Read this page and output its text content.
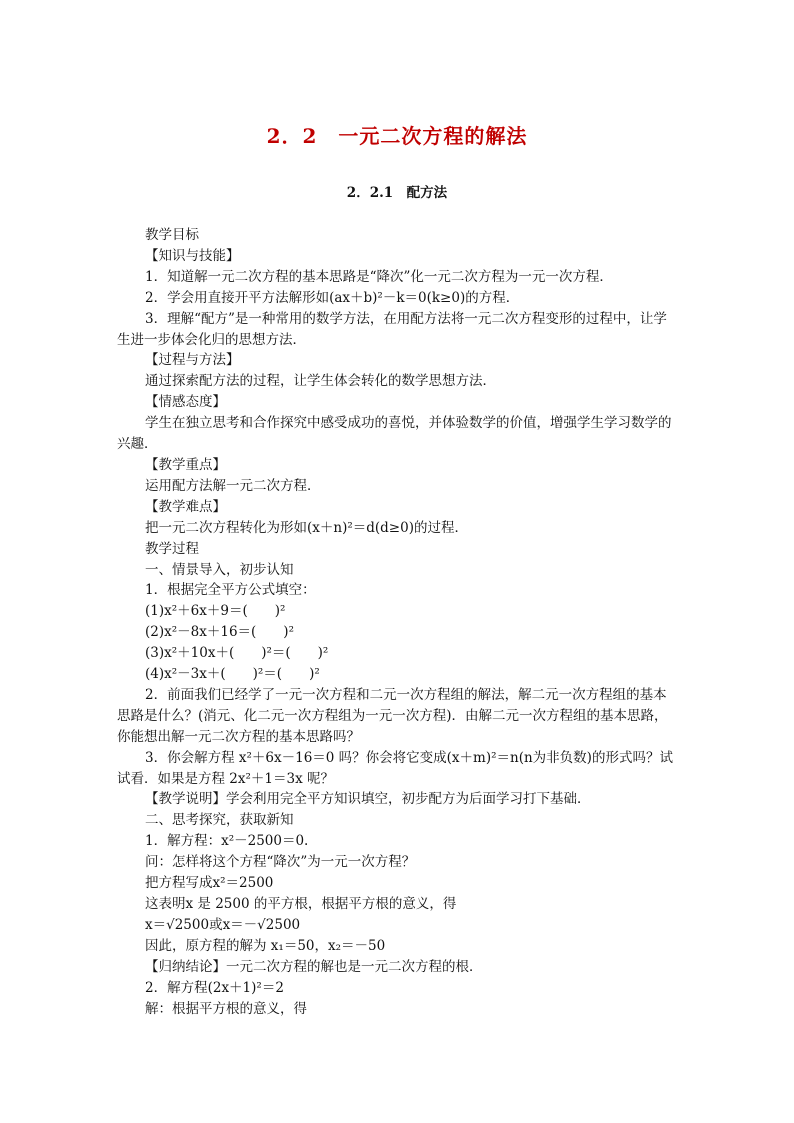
2．2　一元二次方程的解法
2．2.1　配方法

教学目标

【知识与技能】

1．知道解一元二次方程的基本思路是“降次”化一元二次方程为一元一次方程．

2．学会用直接开平方法解形如(ax＋b)²－k＝0(k≥0)的方程．

3．理解“配方”是一种常用的数学方法，在用配方法将一元二次方程变形的过程中，让学生进一步体会化归的思想方法．

【过程与方法】

通过探索配方法的过程，让学生体会转化的数学思想方法．

【情感态度】

学生在独立思考和合作探究中感受成功的喜悦，并体验数学的价值，增强学生学习数学的兴趣．

【教学重点】

运用配方法解一元二次方程．

【教学难点】

把一元二次方程转化为形如(x＋n)²＝d(d≥0)的过程．

教学过程

一、情景导入，初步认知

1．根据完全平方公式填空：

(1)x²＋6x＋9＝(　　)²

(2)x²－8x＋16＝(　　)²

(3)x²＋10x＋(　　)²＝(　　)²

(4)x²－3x＋(　　)²＝(　　)²

2．前面我们已经学了一元一次方程和二元一次方程组的解法，解二元一次方程组的基本思路是什么？(消元、化二元一次方程组为一元一次方程)．由解二元一次方程组的基本思路，你能想出解一元二次方程的基本思路吗？

3．你会解方程 x²＋6x－16＝0 吗？你会将它变成(x＋m)²＝n(n为非负数)的形式吗？试试看．如果是方程 2x²＋1＝3x 呢？

【教学说明】学会利用完全平方知识填空，初步配方为后面学习打下基础．

二、思考探究，获取新知

1．解方程：x²－2500＝0.

问：怎样将这个方程“降次”为一元一次方程？

把方程写成x²＝2500

这表明x 是 2500 的平方根，根据平方根的意义，得

x＝√2500或x＝－√2500

因此，原方程的解为 x₁＝50，x₂＝－50

【归纳结论】一元二次方程的解也是一元二次方程的根．

2．解方程(2x＋1)²＝2

解：根据平方根的意义，得
